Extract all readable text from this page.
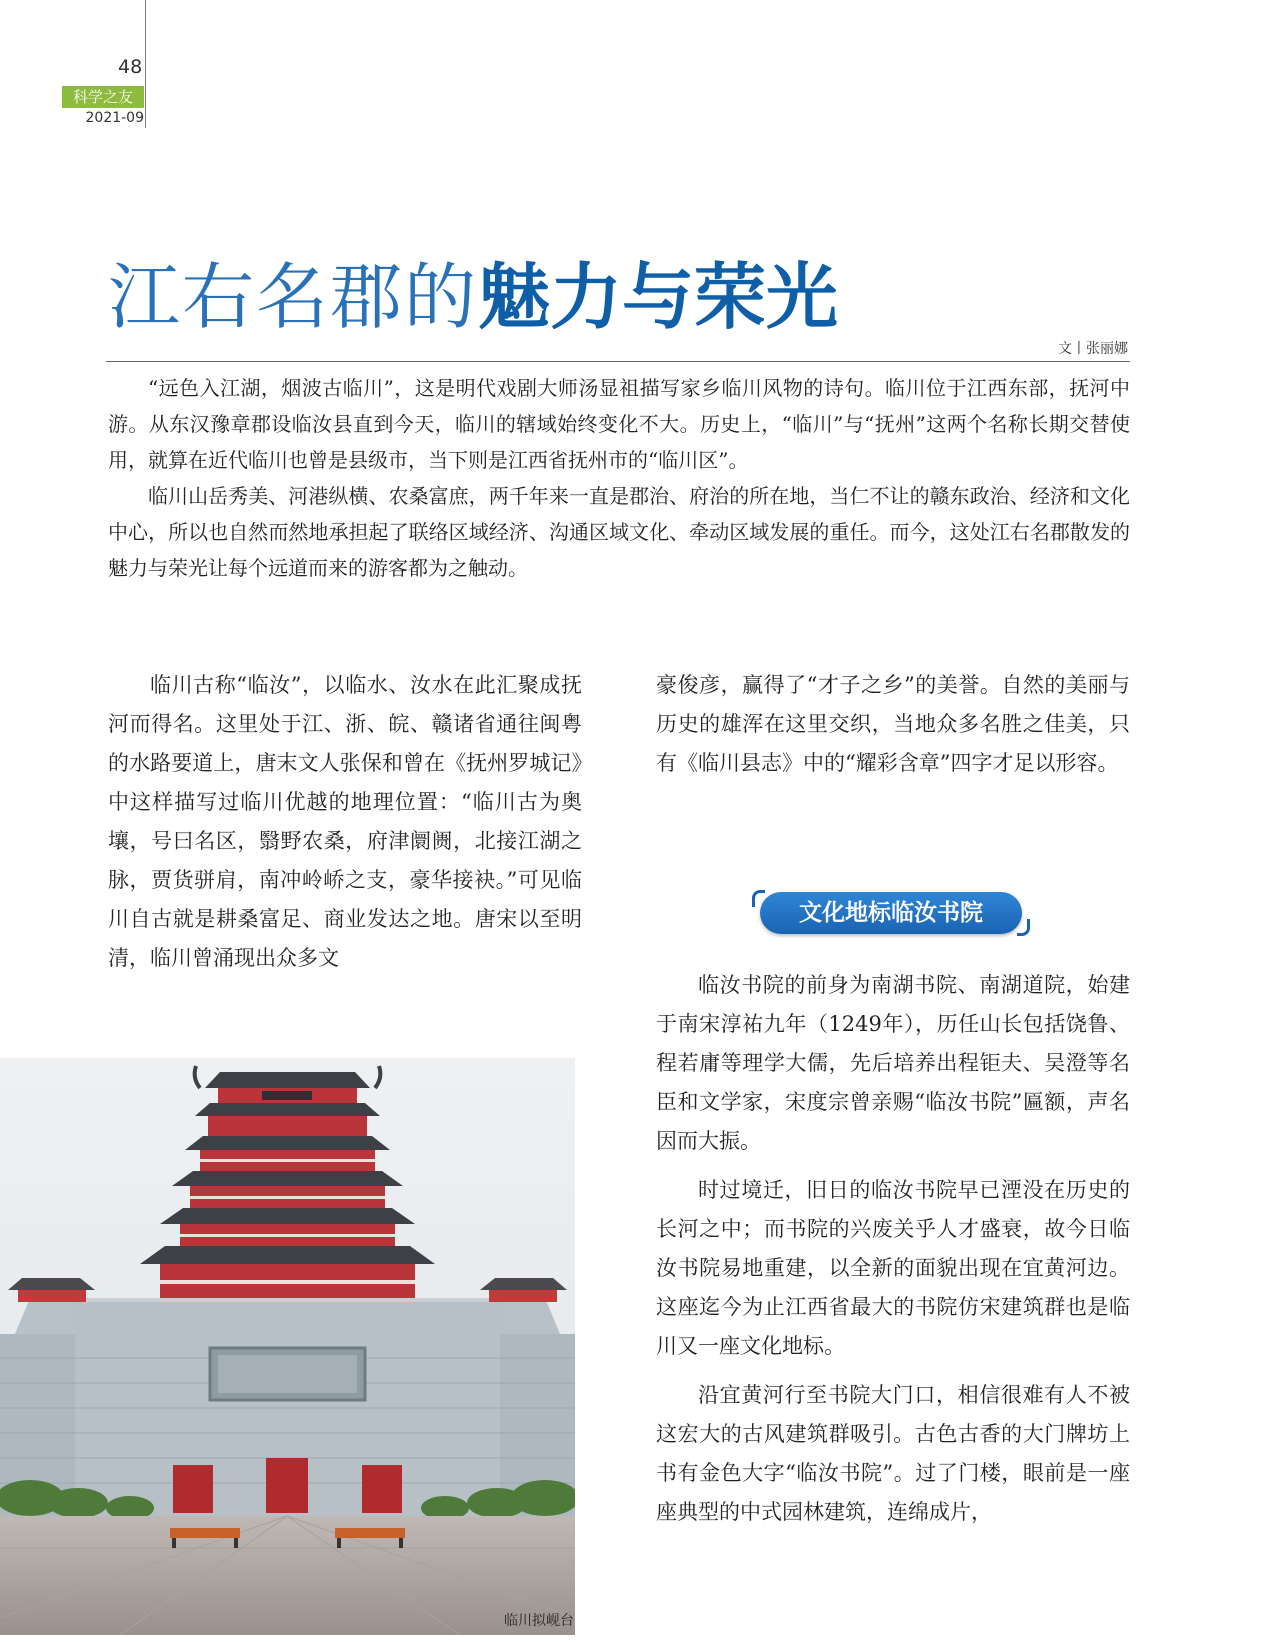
48
科学之友
2021-09
江右名郡的魅力与荣光
文丨张丽娜

“远色入江湖，烟波古临川”，这是明代戏剧大师汤显祖描写家乡临川风物的诗句。临川位于江西东部，抚河中游。从东汉豫章郡设临汝县直到今天，临川的辖域始终变化不大。历史上，“临川”与“抚州”这两个名称长期交替使用，就算在近代临川也曾是县级市，当下则是江西省抚州市的“临川区”。

临川山岳秀美、河港纵横、农桑富庶，两千年来一直是郡治、府治的所在地，当仁不让的赣东政治、经济和文化中心，所以也自然而然地承担起了联络区域经济、沟通区域文化、牵动区域发展的重任。而今，这处江右名郡散发的魅力与荣光让每个远道而来的游客都为之触动。

临川古称“临汝”，以临水、汝水在此汇聚成抚河而得名。这里处于江、浙、皖、赣诸省通往闽粤的水路要道上，唐末文人张保和曾在《抚州罗城记》中这样描写过临川优越的地理位置：“临川古为奥壤，号曰名区，翳野农桑，府津阛阓，北接江湖之脉，贾货骈肩，南冲岭峤之支，豪华接袂。”可见临川自古就是耕桑富足、商业发达之地。唐宋以至明清，临川曾涌现出众多文

豪俊彦，赢得了“才子之乡”的美誉。自然的美丽与历史的雄浑在这里交织，当地众多名胜之佳美，只有《临川县志》中的“耀彩含章”四字才足以形容。

文化地标临汝书院

临汝书院的前身为南湖书院、南湖道院，始建于南宋淳祐九年（1249年），历任山长包括饶鲁、程若庸等理学大儒，先后培养出程钜夫、吴澄等名臣和文学家，宋度宗曾亲赐“临汝书院”匾额，声名因而大振。

时过境迁，旧日的临汝书院早已湮没在历史的长河之中；而书院的兴废关乎人才盛衰，故今日临汝书院易地重建，以全新的面貌出现在宜黄河边。这座迄今为止江西省最大的书院仿宋建筑群也是临川又一座文化地标。

沿宜黄河行至书院大门口，相信很难有人不被这宏大的古风建筑群吸引。古色古香的大门牌坊上书有金色大字“临汝书院”。过了门楼，眼前是一座座典型的中式园林建筑，连绵成片，

临川拟岘台
